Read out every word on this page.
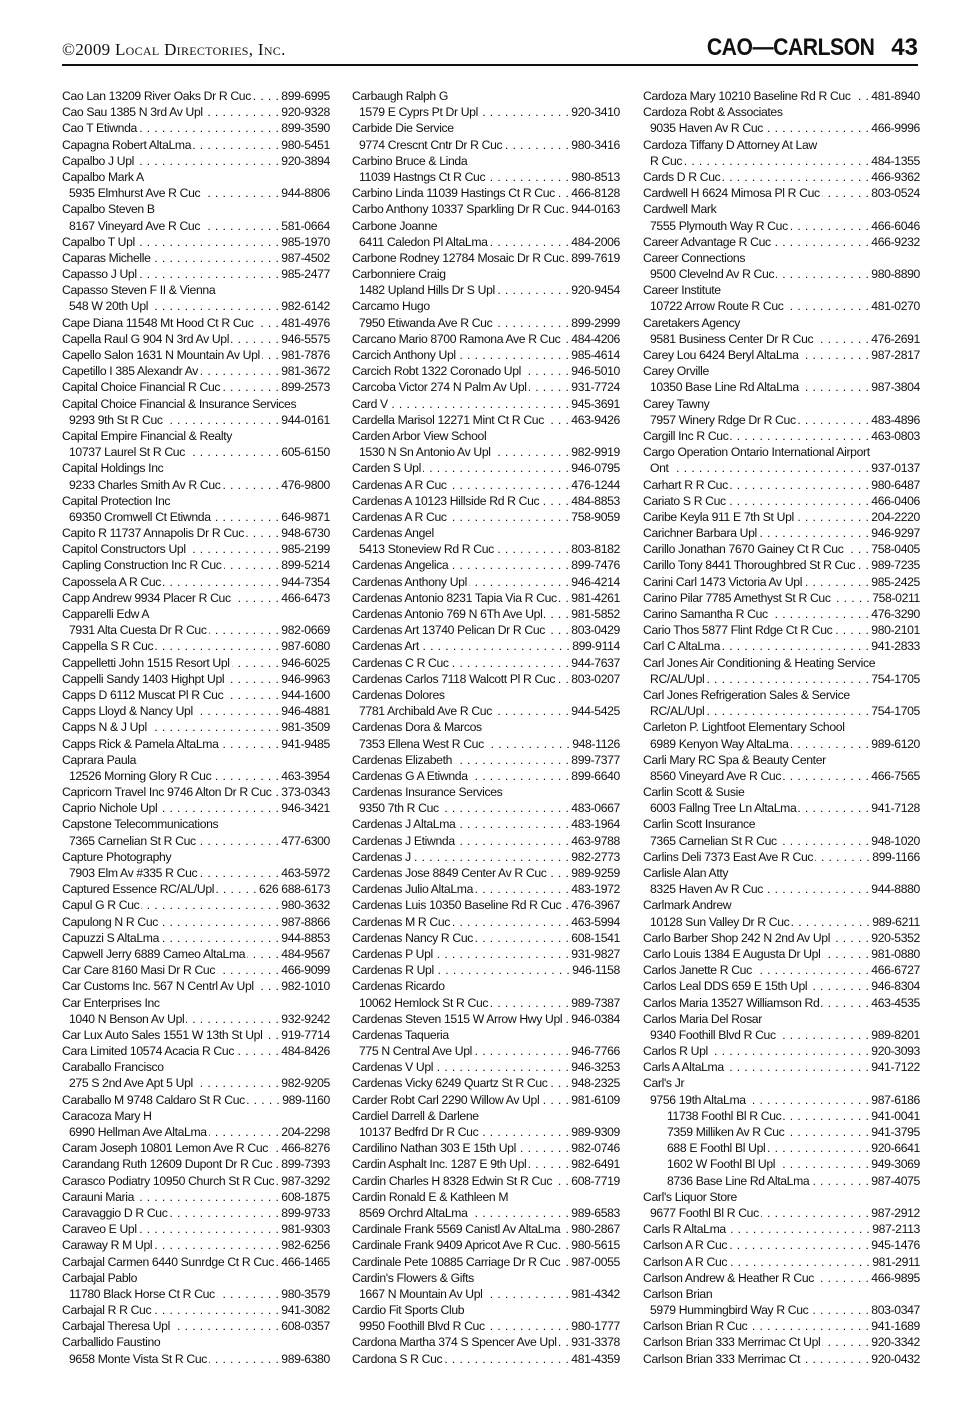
©2009 Local Directories, Inc.	CAO—CARLSON 43
Cao Lan 13209 River Oaks Dr R Cuc . . . 899-6995
Cao Sau 1385 N 3rd Av Upl . . .	920-9328
Cao T Etiwnda . . .	899-3590
Capagna Robert AltaLma . . .	980-5451
Capalbo J Upl . . .	920-3894
Capalbo Mark A
5935 Elmhurst Ave R Cuc . . .	944-8806
Capalbo Steven B
8167 Vineyard Ave R Cuc . . .	581-0664
Capalbo T Upl . . .	985-1970
Caparas Michelle . . .	987-4502
Capasso J Upl . . .	985-2477
Capasso Steven F II & Vienna
548 W 20th Upl . . .	982-6142
Cape Diana 11548 Mt Hood Ct R Cuc . . . 481-4976
Capella Raul G 904 N 3rd Av Upl . . .	946-5575
Capello Salon 1631 N Mountain Av Upl . . . 981-7876
Capetillo I 385 Alexandr Av . . .	981-3672
Capital Choice Financial R Cuc . . .	899-2573
Capital Choice Financial & Insurance Services
9293 9th St R Cuc . . .	944-0161
Capital Empire Financial & Realty
10737 Laurel St R Cuc . . .	605-6150
Capital Holdings Inc
9233 Charles Smith Av R Cuc . . .	476-9800
Capital Protection Inc
69350 Cromwell Ct Etiwnda . . .	646-9871
Capito R 11737 Annapolis Dr R Cuc . . .	948-6730
Capitol Constructors Upl . . .	985-2199
Capling Construction Inc R Cuc . . .	899-5214
Capossela A R Cuc . . .	944-7354
Capp Andrew 9934 Placer R Cuc . . .	466-6473
Capparelli Edw A
7931 Alta Cuesta Dr R Cuc . . .	982-0669
Cappella S R Cuc . . .	987-6080
Cappelletti John 1515 Resort Upl . . .	946-6025
Cappelli Sandy 1403 Highpt Upl . . .	946-9963
Capps D 6112 Muscat Pl R Cuc . . .	944-1600
Capps Lloyd & Nancy Upl . . .	946-4881
Capps N & J Upl . . .	981-3509
Capps Rick & Pamela AltaLma . . .	941-9485
Caprara Paula
12526 Morning Glory R Cuc . . .	463-3954
Capricorn Travel Inc 9746 Alton Dr R Cuc . . . 373-0343
Caprio Nichole Upl . . .	946-3421
Capstone Telecommunications
7365 Carnelian St R Cuc . . .	477-6300
Capture Photography
7903 Elm Av #335 R Cuc . . .	463-5972
Captured Essence RC/AL/Upl . . .	626 688-6173
Capul G R Cuc . . .	980-3632
Capulong N R Cuc . . .	987-8866
Capuzzi S AltaLma . . .	944-8853
Capwell Jerry 6889 Cameo AltaLma . . .	484-9567
Car Care 8160 Masi Dr R Cuc . . .	466-9099
Car Customs Inc. 567 N Centrl Av Upl . . . 982-1010
Car Enterprises Inc
1040 N Benson Av Upl . . .	932-9242
Car Lux Auto Sales 1551 W 13th St Upl . . . 919-7714
Cara Limited 10574 Acacia R Cuc . . .	484-8426
Caraballo Francisco
275 S 2nd Ave Apt 5 Upl . . .	982-9205
Caraballo M 9748 Caldaro St R Cuc . . .	989-1160
Caracoza Mary H
6990 Hellman Ave AltaLma . . .	204-2298
Caram Joseph 10801 Lemon Ave R Cuc . . . 466-8276
Carandang Ruth 12609 Dupont Dr R Cuc . . . 899-7393
Carasco Podiatry 10950 Church St R Cuc . . . 987-3292
Carauni Maria . . .	608-1875
Caravaggio D R Cuc . . .	899-9733
Caraveo E Upl . . .	981-9303
Caraway R M Upl . . .	982-6256
Carbajal Carmen 6440 Sunrdge Ct R Cuc . . . 466-1465
Carbajal Pablo
11780 Black Horse Ct R Cuc . . .	980-3579
Carbajal R R Cuc . . .	941-3082
Carbajal Theresa Upl . . .	608-0357
Carballido Faustino
9658 Monte Vista St R Cuc . . .	989-6380
Carbaugh Ralph G
1579 E Cyprs Pt Dr Upl . . .	920-3410
Carbide Die Service
9774 Crescnt Cntr Dr R Cuc . . .	980-3416
Carbino Bruce & Linda
11039 Hastngs Ct R Cuc . . .	980-8513
Carbino Linda 11039 Hastings Ct R Cuc . . . 466-8128
Carbo Anthony 10337 Sparkling Dr R Cuc . . . 944-0163
Carbone Joanne
6411 Caledon Pl AltaLma . . .	484-2006
Carbone Rodney 12784 Mosaic Dr R Cuc . . . 899-7619
Carbonniere Craig
1482 Upland Hills Dr S Upl . . .	920-9454
Carcamo Hugo
7950 Etiwanda Ave R Cuc . . .	899-2999
Carcano Mario 8700 Ramona Ave R Cuc . . . 484-4206
Carcich Anthony Upl . . .	985-4614
Carcich Robt 1322 Coronado Upl . . .	946-5010
Carcoba Victor 274 N Palm Av Upl . . .	931-7724
Card V . . .	945-3691
Cardella Marisol 12271 Mint Ct R Cuc . . . 463-9426
Carden Arbor View School
1530 N Sn Antonio Av Upl . . .	982-9919
Carden S Upl . . .	946-0795
Cardenas A R Cuc . . .	476-1244
Cardenas A 10123 Hillside Rd R Cuc . . .	484-8853
Cardenas A R Cuc . . .	758-9059
Cardenas Angel
5413 Stoneview Rd R Cuc . . .	803-8182
Cardenas Angelica . . .	899-7476
Cardenas Anthony Upl . . .	946-4214
Cardenas Antonio 8231 Tapia Via R Cuc . . . 981-4261
Cardenas Antonio 769 N 6Th Ave Upl . . . 981-5852
Cardenas Art 13740 Pelican Dr R Cuc . . . 803-0429
Cardenas Art . . .	899-9114
Cardenas C R Cuc . . .	944-7637
Cardenas Carlos 7118 Walcott Pl R Cuc . . . 803-0207
Cardenas Dolores
7781 Archibald Ave R Cuc . . .	944-5425
Cardenas Dora & Marcos
7353 Ellena West R Cuc . . .	948-1126
Cardenas Elizabeth . . .	899-7377
Cardenas G A Etiwnda . . .	899-6640
Cardenas Insurance Services
9350 7th R Cuc . . .	483-0667
Cardenas J AltaLma . . .	483-1964
Cardenas J Etiwnda . . .	463-9788
Cardenas J . . .	982-2773
Cardenas Jose 8849 Center Av R Cuc . . . 989-9259
Cardenas Julio AltaLma . . .	483-1972
Cardenas Luis 10350 Baseline Rd R Cuc . . . 476-3967
Cardenas M R Cuc . . .	463-5994
Cardenas Nancy R Cuc . . .	608-1541
Cardenas P Upl . . .	931-9827
Cardenas R Upl . . .	946-1158
Cardenas Ricardo
10062 Hemlock St R Cuc . . .	989-7387
Cardenas Steven 1515 W Arrow Hwy Upl . . . 946-0384
Cardenas Taqueria
775 N Central Ave Upl . . .	946-7766
Cardenas V Upl . . .	946-3253
Cardenas Vicky 6249 Quartz St R Cuc . . . 948-2325
Carder Robt Carl 2290 Willow Av Upl . . .	981-6109
Cardiel Darrell & Darlene
10137 Bedfrd Dr R Cuc . . .	989-9309
Cardilino Nathan 303 E 15th Upl . . .	982-0746
Cardin Asphalt Inc. 1287 E 9th Upl . . .	982-6491
Cardin Charles H 8328 Edwin St R Cuc . . . 608-7719
Cardin Ronald E & Kathleen M
8569 Orchrd AltaLma . . .	989-6583
Cardinale Frank 5569 Canistl Av AltaLma . . . 980-2867
Cardinale Frank 9409 Apricot Ave R Cuc . . . 980-5615
Cardinale Pete 10885 Carriage Dr R Cuc . . . 987-0055
Cardin's Flowers & Gifts
1667 N Mountain Av Upl . . .	981-4342
Cardio Fit Sports Club
9950 Foothill Blvd R Cuc . . .	980-1777
Cardona Martha 374 S Spencer Ave Upl . . . 931-3378
Cardona S R Cuc . . .	481-4359
Cardoza Mary 10210 Baseline Rd R Cuc . . . 481-8940
Cardoza Robt & Associates
9035 Haven Av R Cuc . . .	466-9996
Cardoza Tiffany D Attorney At Law
R Cuc . . .	484-1355
Cards D R Cuc . . .	466-9362
Cardwell H 6624 Mimosa Pl R Cuc . . .	803-0524
Cardwell Mark
7555 Plymouth Way R Cuc . . .	466-6046
Career Advantage R Cuc . . .	466-9232
Career Connections
9500 Clevelnd Av R Cuc . . .	980-8890
Career Institute
10722 Arrow Route R Cuc . . .	481-0270
Caretakers Agency
9581 Business Center Dr R Cuc . . .	476-2691
Carey Lou 6424 Beryl AltaLma . . .	987-2817
Carey Orville
10350 Base Line Rd AltaLma . . .	987-3804
Carey Tawny
7957 Winery Rdge Dr R Cuc . . .	483-4896
Cargill Inc R Cuc . . .	463-0803
Cargo Operation Ontario International Airport
Ont . . .	937-0137
Carhart R R Cuc . . .	980-6487
Cariato S R Cuc . . .	466-0406
Caribe Keyla 911 E 7th St Upl . . .	204-2220
Carichner Barbara Upl . . .	946-9297
Carillo Jonathan 7670 Gainey Ct R Cuc . . . 758-0405
Carillo Tony 8441 Thoroughbred St R Cuc . . . 989-7235
Carini Carl 1473 Victoria Av Upl . . .	985-2425
Carino Pilar 7785 Amethyst St R Cuc . . .	758-0211
Carino Samantha R Cuc . . .	476-3290
Cario Thos 5877 Flint Rdge Ct R Cuc . . .	980-2101
Carl C AltaLma . . .	941-2833
Carl Jones Air Conditioning & Heating Service
RC/AL/Upl . . .	754-1705
Carl Jones Refrigeration Sales & Service
RC/AL/Upl . . .	754-1705
Carleton P. Lightfoot Elementary School
6989 Kenyon Way AltaLma . . .	989-6120
Carli Mary RC Spa & Beauty Center
8560 Vineyard Ave R Cuc . . .	466-7565
Carlin Scott & Susie
6003 Fallng Tree Ln AltaLma . . .	941-7128
Carlin Scott Insurance
7365 Carnelian St R Cuc . . .	948-1020
Carlins Deli 7373 East Ave R Cuc . . .	899-1166
Carlisle Alan Atty
8325 Haven Av R Cuc . . .	944-8880
Carlmark Andrew
10128 Sun Valley Dr R Cuc . . .	989-6211
Carlo Barber Shop 242 N 2nd Av Upl . . .	920-5352
Carlo Louis 1384 E Augusta Dr Upl . . .	981-0880
Carlos Janette R Cuc . . .	466-6727
Carlos Leal DDS 659 E 15th Upl . . .	946-8304
Carlos Maria 13527 Williamson Rd . . .	463-4535
Carlos Maria Del Rosar
9340 Foothill Blvd R Cuc . . .	989-8201
Carlos R Upl . . .	920-3093
Carls A AltaLma . . .	941-7122
Carl's Jr
9756 19th AltaLma . . .	987-6186
11738 Foothl Bl R Cuc . . .	941-0041
7359 Milliken Av R Cuc . . .	941-3795
688 E Foothl Bl Upl . . .	920-6641
1602 W Foothl Bl Upl . . .	949-3069
8736 Base Line Rd AltaLma . . .	987-4075
Carl's Liquor Store
9677 Foothl Bl R Cuc . . .	987-2912
Carls R AltaLma . . .	987-2113
Carlson A R Cuc . . .	945-1476
Carlson A R Cuc . . .	981-2911
Carlson Andrew & Heather R Cuc . . .	466-9895
Carlson Brian
5979 Hummingbird Way R Cuc . . .	803-0347
Carlson Brian R Cuc . . .	941-1689
Carlson Brian 333 Merrimac Ct Upl . . .	920-3342
Carlson Brian 333 Merrimac Ct . . .	920-0432
